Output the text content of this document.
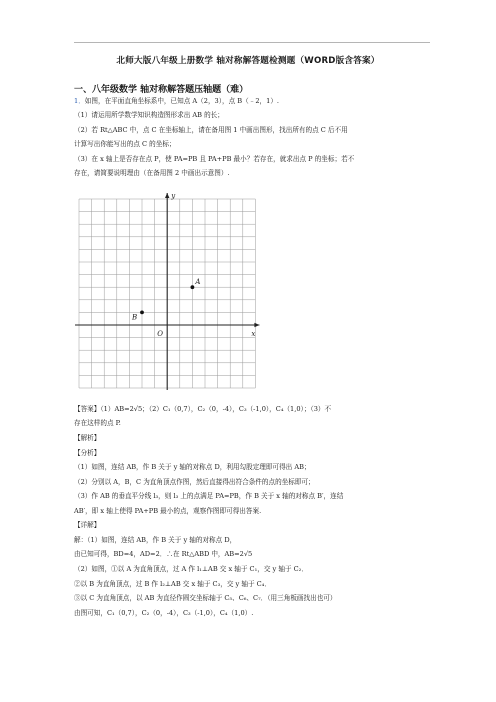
北师大版八年级上册数学 轴对称解答题检测题（WORD版含答案）
一、八年级数学 轴对称解答题压轴题（难）
1．如图，在平面直角坐标系中，已知点 A（2，3），点 B（﹣2，1）.
（1）请运用所学数学知识构造图形求出 AB 的长；
（2）若 Rt△ABC 中，点 C 在坐标轴上，请在备用图 1 中画出图形，找出所有的点 C 后不用
计算写出你能写出的点 C 的坐标；
（3）在 x 轴上是否存在点 P，使 PA=PB 且 PA+PB 最小？若存在，就求出点 P 的坐标；若不
存在，请简要说明理由（在备用图 2 中画出示意图）.
y
x
O
A
B
【答案】（1）AB=2√5；（2）C₁（0,7），C₂（0，-4），C₃（-1,0），C₄（1,0）；（3）不
存在这样的点 P.
【解析】
【分析】
（1）如图，连结 AB，作 B 关于 y 轴的对称点 D，利用勾股定理即可得出 AB；
（2）分别以 A，B，C 为直角顶点作图，然后直接得出符合条件的点的坐标即可；
（3）作 AB 的垂直平分线 l₃，则 l₃ 上的点满足 PA=PB，作 B 关于 x 轴的对称点 B′，连结
AB′，即 x 轴上使得 PA+PB 最小的点，观察作图即可得出答案.
【详解】
解：（1）如图，连结 AB，作 B 关于 y 轴的对称点 D，
由已知可得，BD=4，AD=2．∴在 Rt△ABD 中，AB=2√5
（2）如图，①以 A 为直角顶点，过 A 作 l₁⊥AB 交 x 轴于 C₁，交 y 轴于 C₂．
②以 B 为直角顶点，过 B 作 l₂⊥AB 交 x 轴于 C₃，交 y 轴于 C₄．
③以 C 为直角顶点，以 AB 为直径作圆交坐标轴于 C₅、C₆、C₇．（用三角板画找出也可）
由图可知，C₁（0,7），C₂（0，-4），C₃（-1,0），C₄（1,0）.
